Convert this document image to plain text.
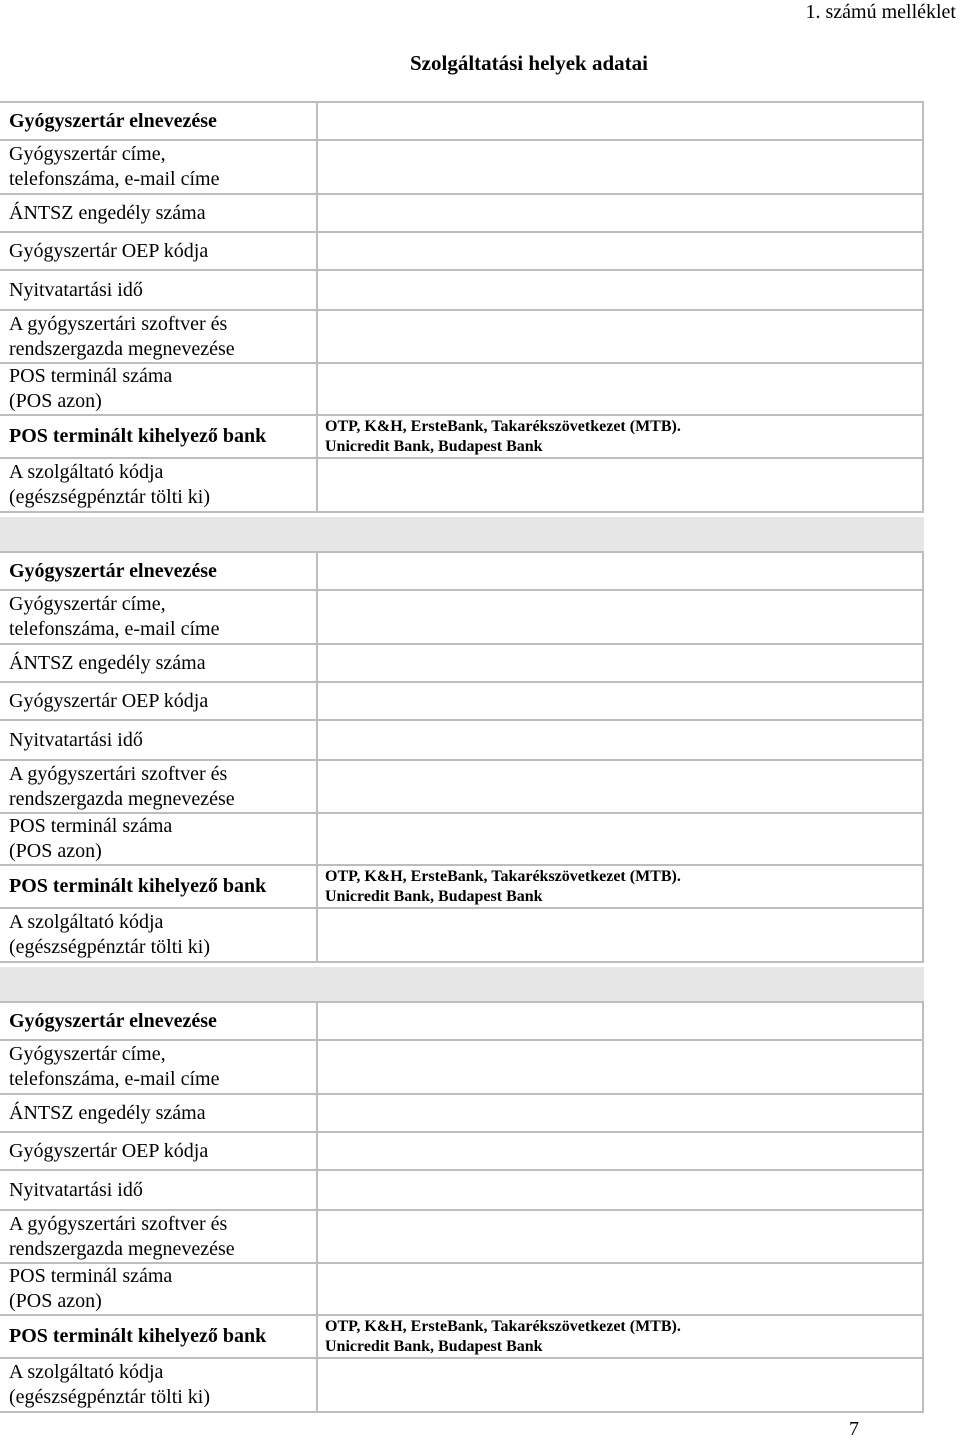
1. számú melléklet
Szolgáltatási helyek adatai
Gyógyszertár elnevezése	

Gyógyszertár címe,
telefonszáma, e-mail címe	

ÁNTSZ engedély száma	

Gyógyszertár OEP kódja	

Nyitvatartási idő	

A gyógyszertári szoftver és
rendszergazda megnevezése	

POS terminál száma
(POS azon)	

POS terminált kihelyező bank	OTP, K&H, ErsteBank, Takarékszövetkezet (MTB).
Unicredit Bank, Budapest Bank

A szolgáltató kódja
(egészségpénztár tölti ki)	

Gyógyszertár elnevezése	

Gyógyszertár címe,
telefonszáma, e-mail címe	

ÁNTSZ engedély száma	

Gyógyszertár OEP kódja	

Nyitvatartási idő	

A gyógyszertári szoftver és
rendszergazda megnevezése	

POS terminál száma
(POS azon)	

POS terminált kihelyező bank	OTP, K&H, ErsteBank, Takarékszövetkezet (MTB).
Unicredit Bank, Budapest Bank

A szolgáltató kódja
(egészségpénztár tölti ki)	

Gyógyszertár elnevezése	

Gyógyszertár címe,
telefonszáma, e-mail címe	

ÁNTSZ engedély száma	

Gyógyszertár OEP kódja	

Nyitvatartási idő	

A gyógyszertári szoftver és
rendszergazda megnevezése	

POS terminál száma
(POS azon)	

POS terminált kihelyező bank	OTP, K&H, ErsteBank, Takarékszövetkezet (MTB).
Unicredit Bank, Budapest Bank

A szolgáltató kódja
(egészségpénztár tölti ki)	

7
